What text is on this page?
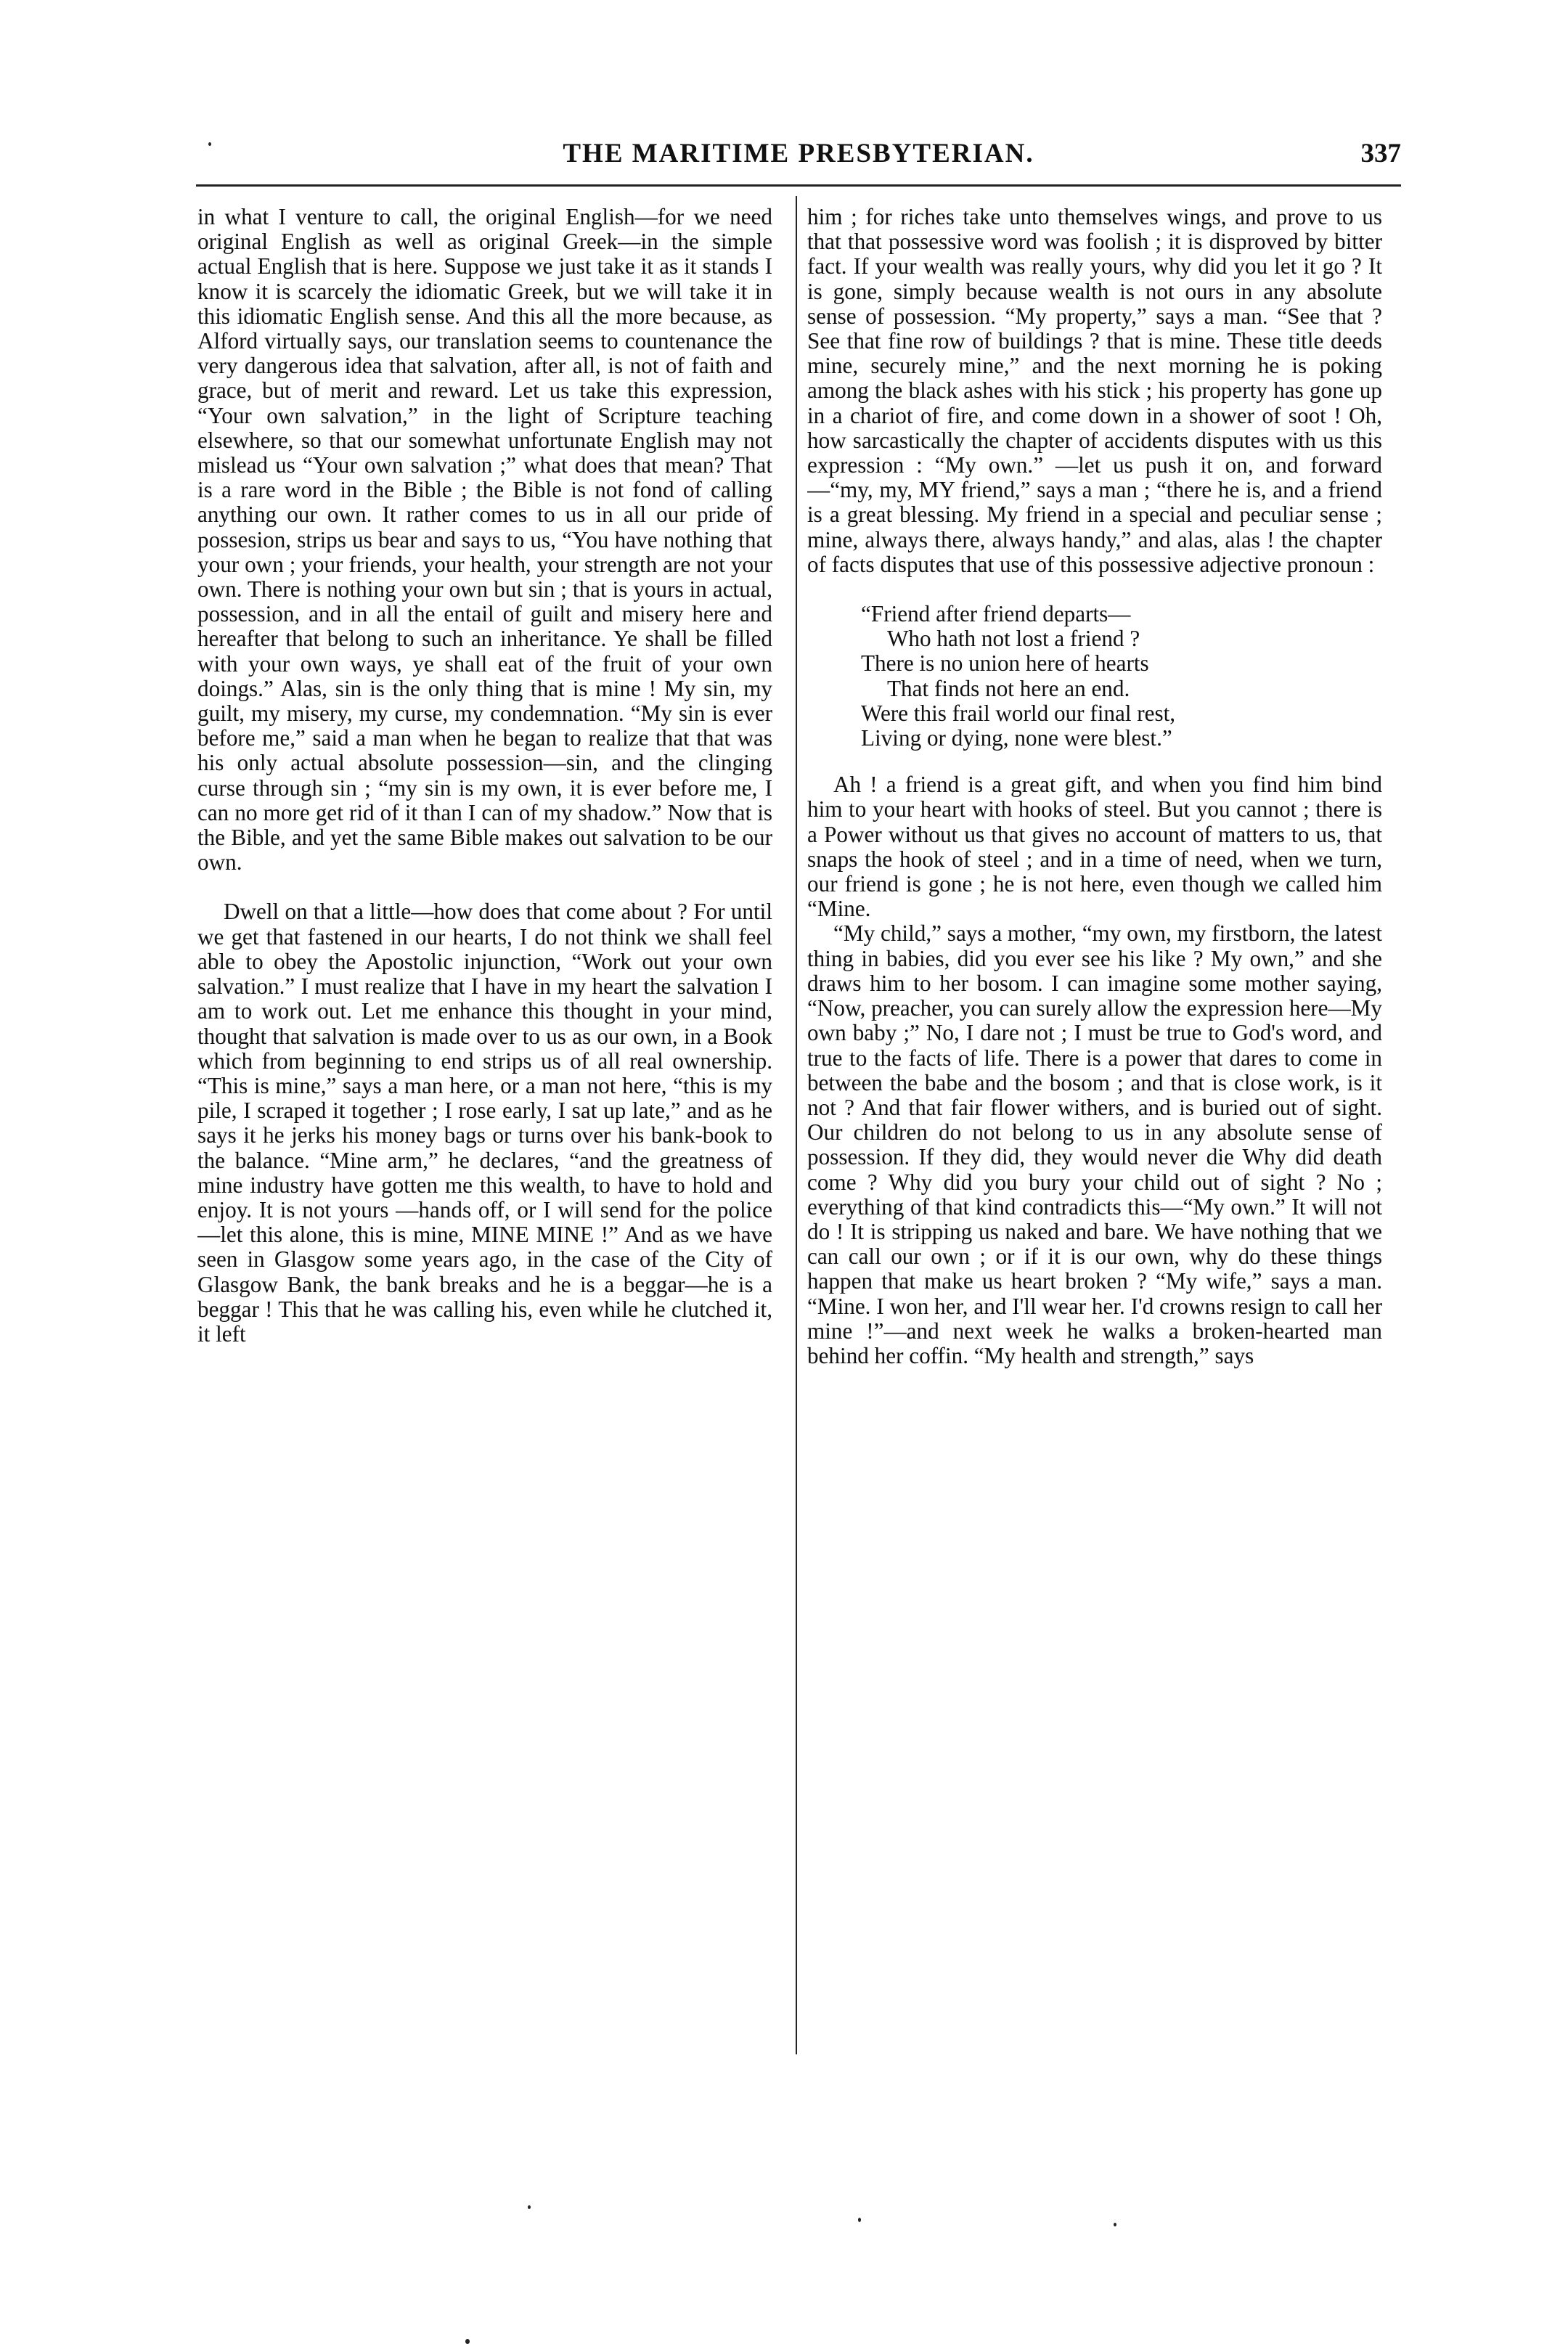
THE MARITIME PRESBYTERIAN.	337

in what I venture to call, the original English—for we need original English as well as original Greek—in the simple actual English that is here. Suppose we just take it as it stands I know it is scarcely the idiomatic Greek, but we will take it in this idiomatic English sense. And this all the more because, as Alford virtually says, our translation seems to countenance the very dangerous idea that salvation, after all, is not of faith and grace, but of merit and reward. Let us take this expression, “Your own salvation,” in the light of Scripture teaching elsewhere, so that our somewhat unfortunate English may not mislead us “Your own salvation ;” what does that mean? That is a rare word in the Bible ; the Bible is not fond of calling anything our own. It rather comes to us in all our pride of possesion, strips us bear and says to us, “You have nothing that your own ; your friends, your health, your strength are not your own. There is nothing your own but sin ; that is yours in actual, possession, and in all the entail of guilt and misery here and hereafter that belong to such an inheritance. Ye shall be filled with your own ways, ye shall eat of the fruit of your own doings.” Alas, sin is the only thing that is mine ! My sin, my guilt, my misery, my curse, my condemnation. “My sin is ever before me,” said a man when he began to realize that that was his only actual absolute possession—sin, and the clinging curse through sin ; “my sin is my own, it is ever before me, I can no more get rid of it than I can of my shadow.” Now that is the Bible, and yet the same Bible makes out salvation to be our own.

Dwell on that a little—how does that come about ? For until we get that fastened in our hearts, I do not think we shall feel able to obey the Apostolic injunction, “Work out your own salvation.” I must realize that I have in my heart the salvation I am to work out. Let me enhance this thought in your mind, thought that salvation is made over to us as our own, in a Book which from beginning to end strips us of all real ownership. “This is mine,” says a man here, or a man not here, “this is my pile, I scraped it together ; I rose early, I sat up late,” and as he says it he jerks his money bags or turns over his bank-book to the balance. “Mine arm,” he declares, “and the greatness of mine industry have gotten me this wealth, to have to hold and enjoy. It is not yours —hands off, or I will send for the police—let this alone, this is mine, MINE MINE !” And as we have seen in Glasgow some years ago, in the case of the City of Glasgow Bank, the bank breaks and he is a beggar—he is a beggar ! This that he was calling his, even while he clutched it, it left

him ; for riches take unto themselves wings, and prove to us that that possessive word was foolish ; it is disproved by bitter fact. If your wealth was really yours, why did you let it go ? It is gone, simply because wealth is not ours in any absolute sense of possession. “My property,” says a man. “See that ? See that fine row of buildings ? that is mine. These title deeds mine, securely mine,” and the next morning he is poking among the black ashes with his stick ; his property has gone up in a chariot of fire, and come down in a shower of soot ! Oh, how sarcastically the chapter of accidents disputes with us this expression : “My own.” —let us push it on, and forward—“my, my, MY friend,” says a man ; “there he is, and a friend is a great blessing. My friend in a special and peculiar sense ; mine, always there, always handy,” and alas, alas ! the chapter of facts disputes that use of this possessive adjective pronoun :

“Friend after friend departs—
Who hath not lost a friend ?
There is no union here of hearts
That finds not here an end.
Were this frail world our final rest,
Living or dying, none were blest.”

Ah ! a friend is a great gift, and when you find him bind him to your heart with hooks of steel. But you cannot ; there is a Power without us that gives no account of matters to us, that snaps the hook of steel ; and in a time of need, when we turn, our friend is gone ; he is not here, even though we called him “Mine.

“My child,” says a mother, “my own, my firstborn, the latest thing in babies, did you ever see his like ? My own,” and she draws him to her bosom. I can imagine some mother saying, “Now, preacher, you can surely allow the expression here—My own baby ;” No, I dare not ; I must be true to God's word, and true to the facts of life. There is a power that dares to come in between the babe and the bosom ; and that is close work, is it not ? And that fair flower withers, and is buried out of sight. Our children do not belong to us in any absolute sense of possession. If they did, they would never die Why did death come ? Why did you bury your child out of sight ? No ; everything of that kind contradicts this—“My own.” It will not do ! It is stripping us naked and bare. We have nothing that we can call our own ; or if it is our own, why do these things happen that make us heart broken ? “My wife,” says a man. “Mine. I won her, and I'll wear her. I'd crowns resign to call her mine !”—and next week he walks a broken-hearted man behind her coffin. “My health and strength,” says
